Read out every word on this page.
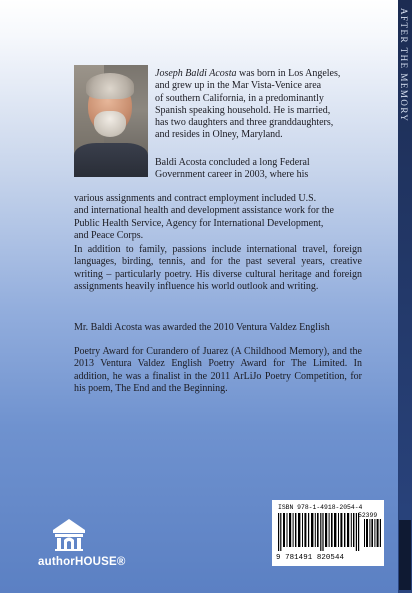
Joseph Baldi Acosta was born in Los Angeles,
and grew up in the Mar Vista-Venice area
of southern California, in a predominantly
Spanish speaking household. He is married,
has two daughters and three granddaughters,
and resides in Olney, Maryland.
Baldi Acosta concluded a long Federal
Government career in 2003, where his
various assignments and contract employment included U.S.
and international health and development assistance work for the
Public Health Service, Agency for International Development,
and Peace Corps.
In addition to family, passions include international travel, foreign languages, birding, tennis, and for the past several years, creative writing – particularly poetry. His diverse cultural heritage and foreign assignments heavily influence his world outlook and writing.
Mr. Baldi Acosta was awarded the 2010 Ventura Valdez English
Poetry Award for Curandero of Juarez (A Childhood Memory), and the 2013 Ventura Valdez English Poetry Award for The Limited. In addition, he was a finalist in the 2011 ArLiJo Poetry Competition, for his poem, The End and the Beginning.
authorHOUSE®
ISBN 978-1-4918-2054-4
52399
9 781491 820544
AFTER THE MEMORY
